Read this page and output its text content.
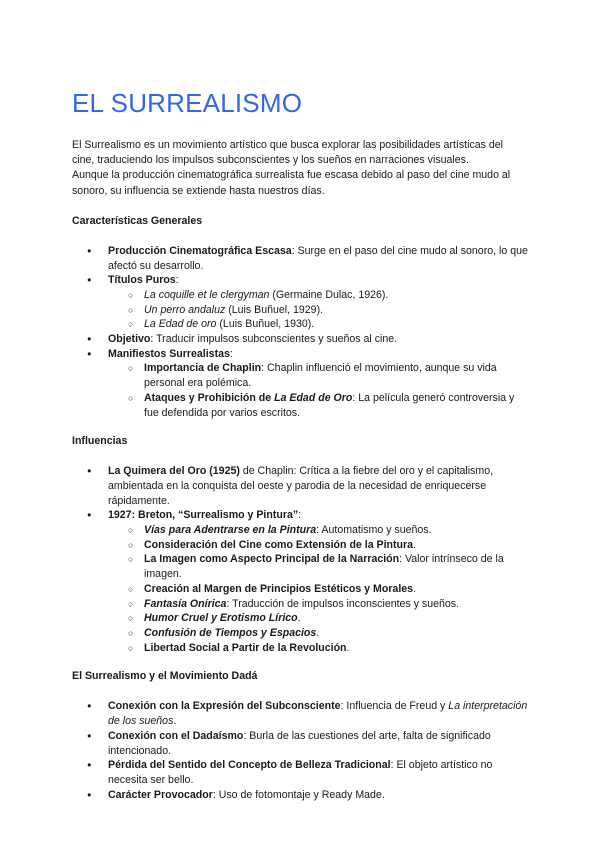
EL SURREALISMO

El Surrealismo es un movimiento artístico que busca explorar las posibilidades artísticas del cine, traduciendo los impulsos subconscientes y los sueños en narraciones visuales.
Aunque la producción cinematográfica surrealista fue escasa debido al paso del cine mudo al sonoro, su influencia se extiende hasta nuestros días.

Características Generales
● Producción Cinematográfica Escasa: Surge en el paso del cine mudo al sonoro, lo que afectó su desarrollo.
● Títulos Puros:
○ La coquille et le clergyman (Germaine Dulac, 1926).
○ Un perro andaluz (Luis Buñuel, 1929).
○ La Edad de oro (Luis Buñuel, 1930).
● Objetivo: Traducir impulsos subconscientes y sueños al cine.
● Manifiestos Surrealistas:
○ Importancia de Chaplin: Chaplin influenció el movimiento, aunque su vida personal era polémica.
○ Ataques y Prohibición de La Edad de Oro: La película generó controversia y fue defendida por varios escritos.
Influencias
● La Quimera del Oro (1925) de Chaplin: Crítica a la fiebre del oro y el capitalismo, ambientada en la conquista del oeste y parodia de la necesidad de enriquecerse rápidamente.
● 1927: Breton, “Surrealismo y Pintura”:
○ Vías para Adentrarse en la Pintura: Automatismo y sueños.
○ Consideración del Cine como Extensión de la Pintura.
○ La Imagen como Aspecto Principal de la Narración: Valor intrínseco de la imagen.
○ Creación al Margen de Principios Estéticos y Morales.
○ Fantasía Onírica: Traducción de impulsos inconscientes y sueños.
○ Humor Cruel y Erotismo Lírico.
○ Confusión de Tiempos y Espacios.
○ Libertad Social a Partir de la Revolución.
El Surrealismo y el Movimiento Dadá
● Conexión con la Expresión del Subconsciente: Influencia de Freud y La interpretación de los sueños.
● Conexión con el Dadaísmo: Burla de las cuestiones del arte, falta de significado intencionado.
● Pérdida del Sentido del Concepto de Belleza Tradicional: El objeto artístico no necesita ser bello.
● Carácter Provocador: Uso de fotomontaje y Ready Made.
